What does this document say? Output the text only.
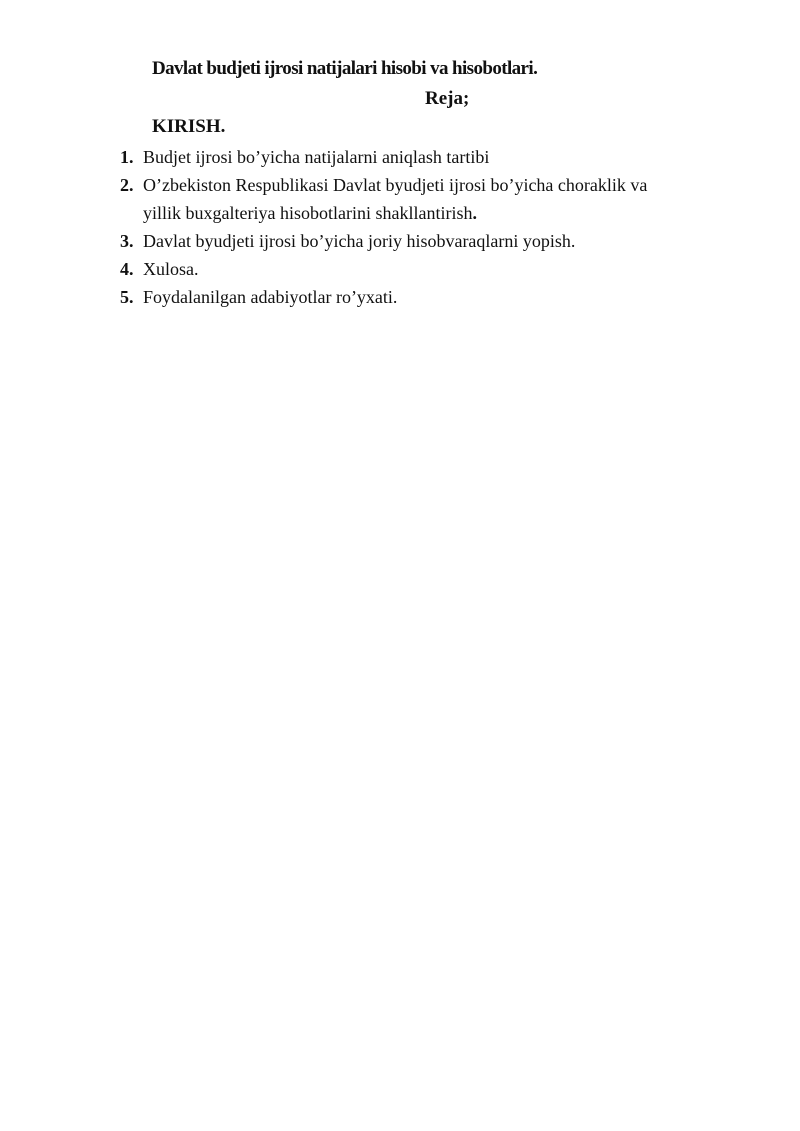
Davlat budjeti ijrosi natijalari hisobi va hisobotlari.
Reja;
KIRISH.
1. Budjet ijrosi bo’yicha natijalarni aniqlash tartibi
2. O’zbekiston Respublikasi Davlat byudjeti ijrosi bo’yicha choraklik va
yillik buxgalteriya hisobotlarini shakllantirish.
3. Davlat byudjeti ijrosi bo’yicha joriy hisobvaraqlarni yopish.
4. Xulosa.
5. Foydalanilgan adabiyotlar ro’yxati.
